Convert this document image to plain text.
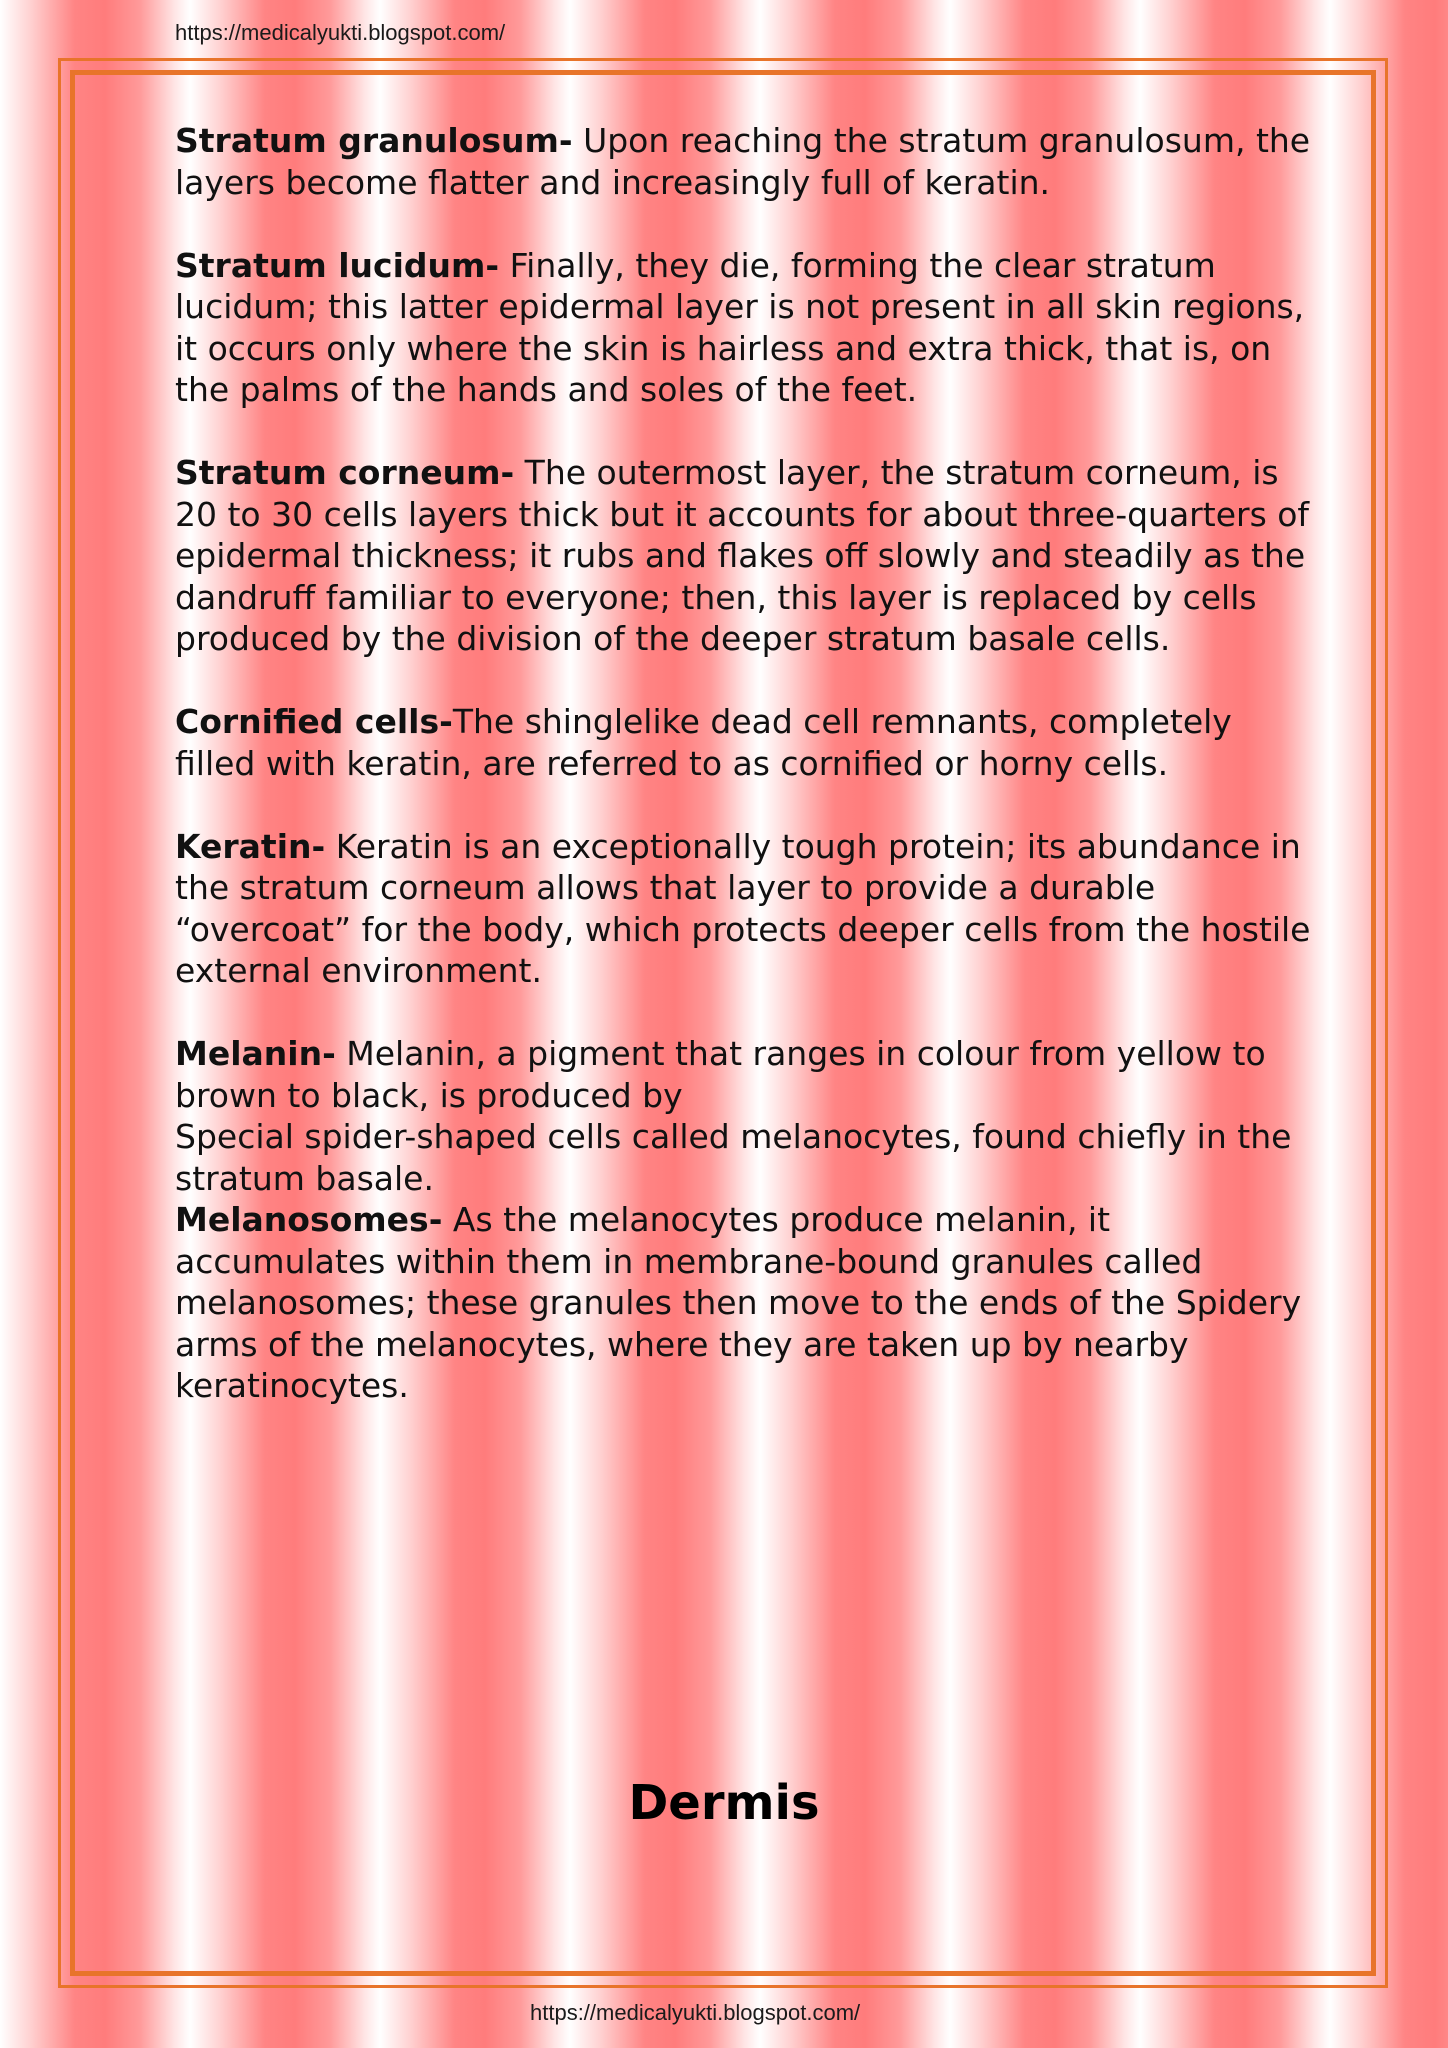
https://medicalyukti.blogspot.com/

Stratum granulosum- Upon reaching the stratum granulosum, the layers become flatter and increasingly full of keratin.

Stratum lucidum- Finally, they die, forming the clear stratum lucidum; this latter epidermal layer is not present in all skin regions, it occurs only where the skin is hairless and extra thick, that is, on the palms of the hands and soles of the feet.

Stratum corneum- The outermost layer, the stratum corneum, is 20 to 30 cells layers thick but it accounts for about three-quarters of epidermal thickness; it rubs and flakes off slowly and steadily as the dandruff familiar to everyone; then, this layer is replaced by cells produced by the division of the deeper stratum basale cells.

Cornified cells-The shinglelike dead cell remnants, completely filled with keratin, are referred to as cornified or horny cells.

Keratin- Keratin is an exceptionally tough protein; its abundance in the stratum corneum allows that layer to provide a durable “overcoat” for the body, which protects deeper cells from the hostile external environment.

Melanin- Melanin, a pigment that ranges in colour from yellow to brown to black, is produced by
Special spider-shaped cells called melanocytes, found chiefly in the stratum basale.

Melanosomes- As the melanocytes produce melanin, it accumulates within them in membrane-bound granules called melanosomes; these granules then move to the ends of the Spidery arms of the melanocytes, where they are taken up by nearby keratinocytes.

Dermis
https://medicalyukti.blogspot.com/
